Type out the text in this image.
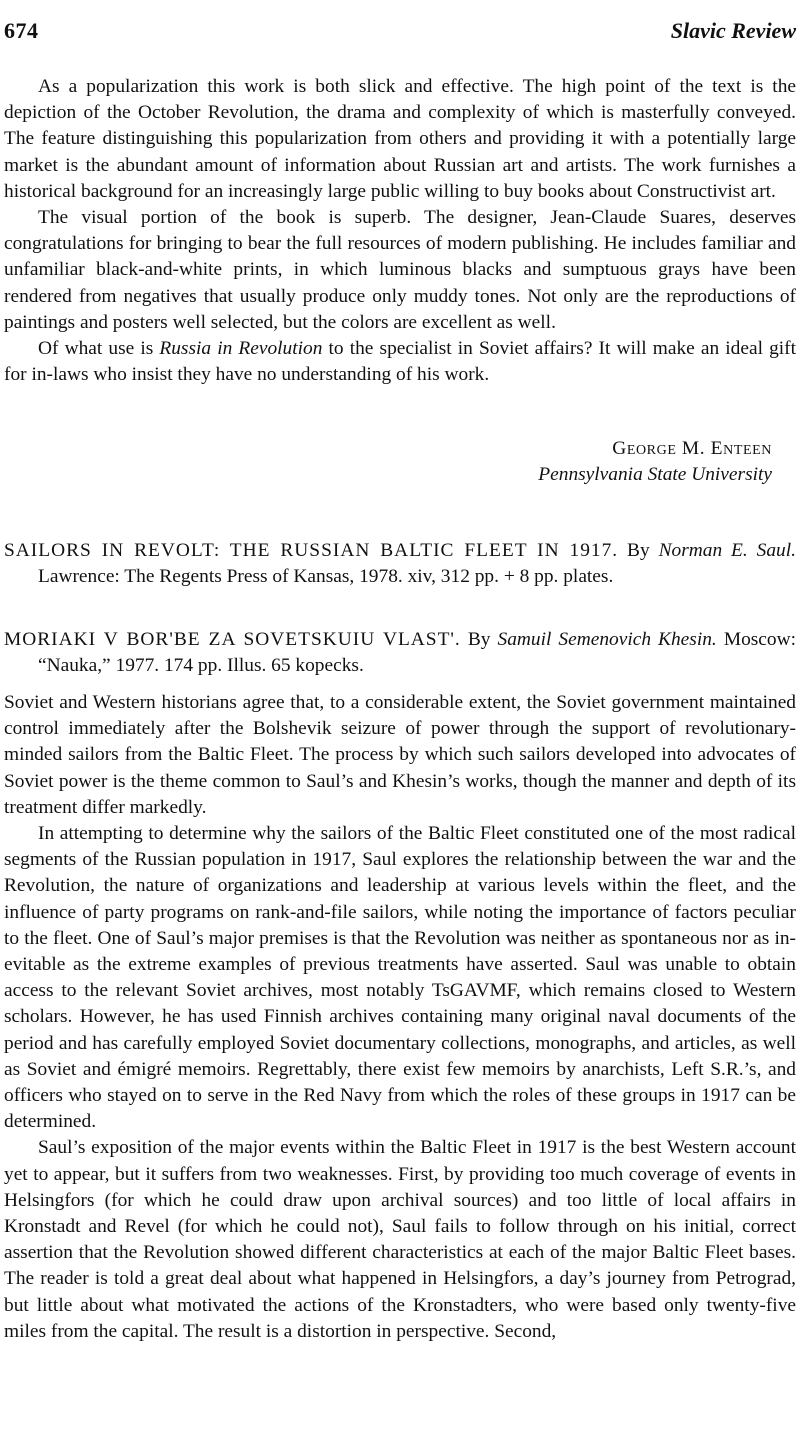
674	Slavic Review

As a popularization this work is both slick and effective. The high point of the text is the depiction of the October Revolution, the drama and complexity of which is masterfully conveyed. The feature distinguishing this popularization from others and providing it with a potentially large market is the abundant amount of information about Russian art and artists. The work furnishes a historical background for an increasingly large public willing to buy books about Constructivist art.

The visual portion of the book is superb. The designer, Jean-Claude Suares, deserves congratulations for bringing to bear the full resources of modern publishing. He includes familiar and unfamiliar black-and-white prints, in which luminous blacks and sumptuous grays have been rendered from negatives that usually produce only muddy tones. Not only are the reproductions of paintings and posters well selected, but the colors are excellent as well.

Of what use is Russia in Revolution to the specialist in Soviet affairs? It will make an ideal gift for in-laws who insist they have no understanding of his work.

George M. Enteen
Pennsylvania State University
SAILORS IN REVOLT: THE RUSSIAN BALTIC FLEET IN 1917. By Norman E. Saul. Lawrence: The Regents Press of Kansas, 1978. xiv, 312 pp. + 8 pp. plates.
MORIAKI V BOR'BE ZA SOVETSKUIU VLAST'. By Samuil Semenovich Khesin. Moscow: “Nauka,” 1977. 174 pp. Illus. 65 kopecks.

Soviet and Western historians agree that, to a considerable extent, the Soviet government maintained control immediately after the Bolshevik seizure of power through the support of revolutionary-minded sailors from the Baltic Fleet. The process by which such sailors developed into advocates of Soviet power is the theme common to Saul’s and Khesin’s works, though the manner and depth of its treatment differ markedly.

In attempting to determine why the sailors of the Baltic Fleet constituted one of the most radical segments of the Russian population in 1917, Saul explores the relationship between the war and the Revolution, the nature of organizations and leadership at various levels within the fleet, and the influence of party programs on rank-and-file sailors, while noting the importance of factors peculiar to the fleet. One of Saul’s major premises is that the Revolution was neither as spontaneous nor as inevitable as the extreme examples of previous treatments have asserted. Saul was unable to obtain access to the relevant Soviet archives, most notably TsGAVMF, which remains closed to Western scholars. However, he has used Finnish archives containing many original naval documents of the period and has carefully employed Soviet documentary collections, monographs, and articles, as well as Soviet and émigré memoirs. Regrettably, there exist few memoirs by anarchists, Left S.R.’s, and officers who stayed on to serve in the Red Navy from which the roles of these groups in 1917 can be determined.

Saul’s exposition of the major events within the Baltic Fleet in 1917 is the best Western account yet to appear, but it suffers from two weaknesses. First, by providing too much coverage of events in Helsingfors (for which he could draw upon archival sources) and too little of local affairs in Kronstadt and Revel (for which he could not), Saul fails to follow through on his initial, correct assertion that the Revolution showed different characteristics at each of the major Baltic Fleet bases. The reader is told a great deal about what happened in Helsingfors, a day’s journey from Petrograd, but little about what motivated the actions of the Kronstadters, who were based only twenty-five miles from the capital. The result is a distortion in perspective. Second,
